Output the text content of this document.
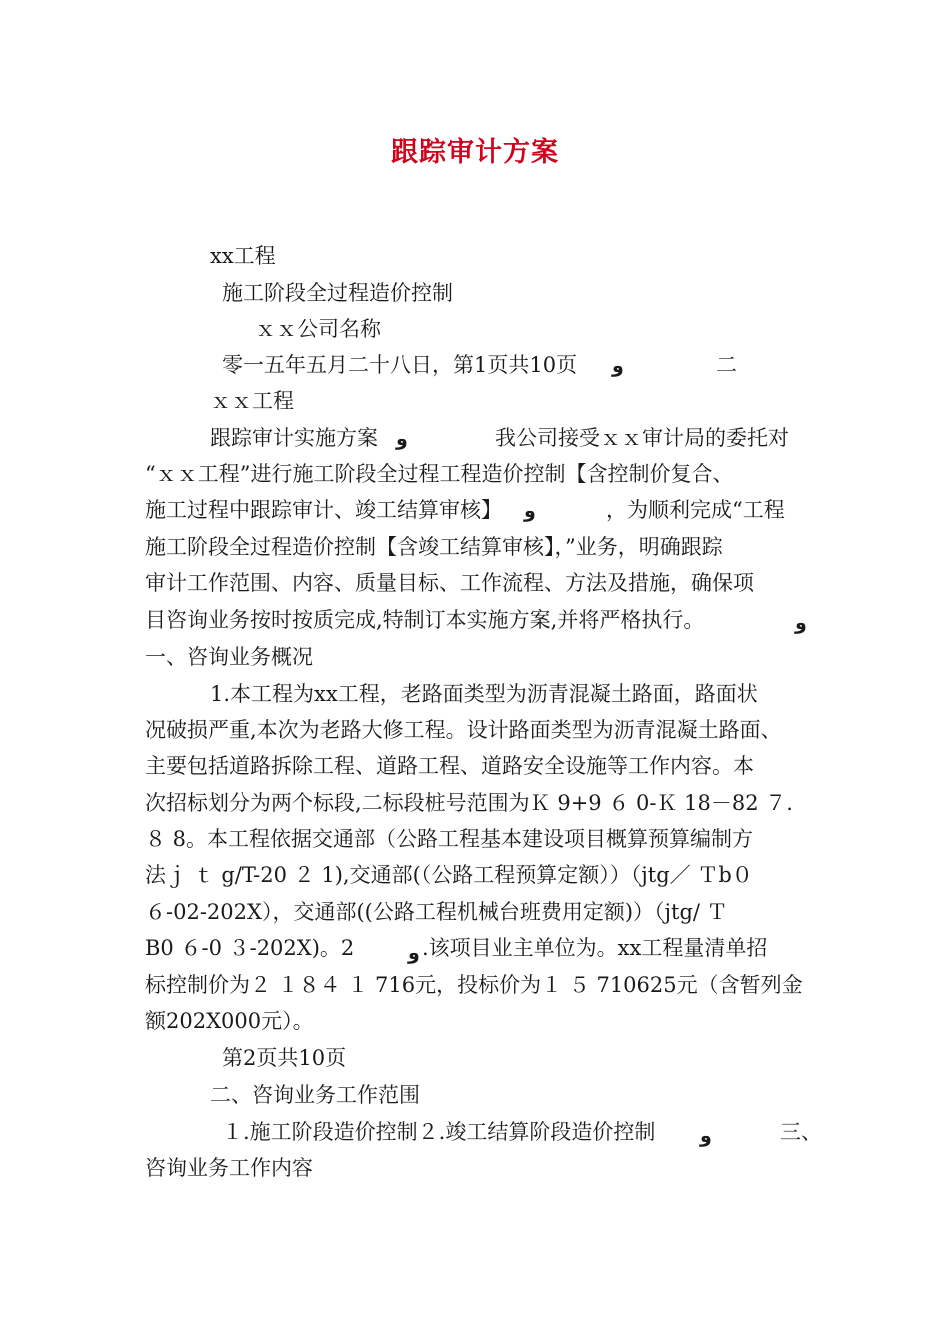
跟踪审计方案
xx工程
施工阶段全过程造价控制
ｘｘ公司名称
零一五年五月二十八日，第1页共10页 ﻭ	二
ｘｘ工程
跟踪审计实施方案 ﻭ	我公司接受ｘｘ审计局的委托对
“ｘｘ工程”进行施工阶段全过程工程造价控制【含控制价复合、
施工过程中跟踪审计、竣工结算审核】 ﻭ	，为顺利完成“工程
施工阶段全过程造价控制【含竣工结算审核】，”业务，明确跟踪
审计工作范围、内容、质量目标、工作流程、方法及措施，确保项
目咨询业务按时按质完成,特制订本实施方案,并将严格执行。	ﻭ
一、咨询业务概况
1.本工程为xx工程，老路面类型为沥青混凝土路面，路面状
况破损严重,本次为老路大修工程。设计路面类型为沥青混凝土路面、
主要包括道路拆除工程、道路工程、道路安全设施等工作内容。本
次招标划分为两个标段,二标段桩号范围为Ｋ 9+9 ６ 0-Ｋ 18－82 ７.
８ 8。本工程依据交通部（公路工程基本建设项目概算预算编制方
法ｊ ｔ g/T-20 ２ 1),交通部(（公路工程预算定额））（jtg／ Ｔb０
６-02-202X），交通部((公路工程机械台班费用定额)）（jtg/ Ｔ
B0 ６-0 ３-202X)。2	ﻭ .该项目业主单位为。xx工程量清单招
标控制价为２ １８４ １ 716元，投标价为１ ５ 710625元（含暂列金
额202X000元）。
第2页共10页
二、咨询业务工作范围
１.施工阶段造价控制２.竣工结算阶段造价控制 ﻭ	三、
咨询业务工作内容
